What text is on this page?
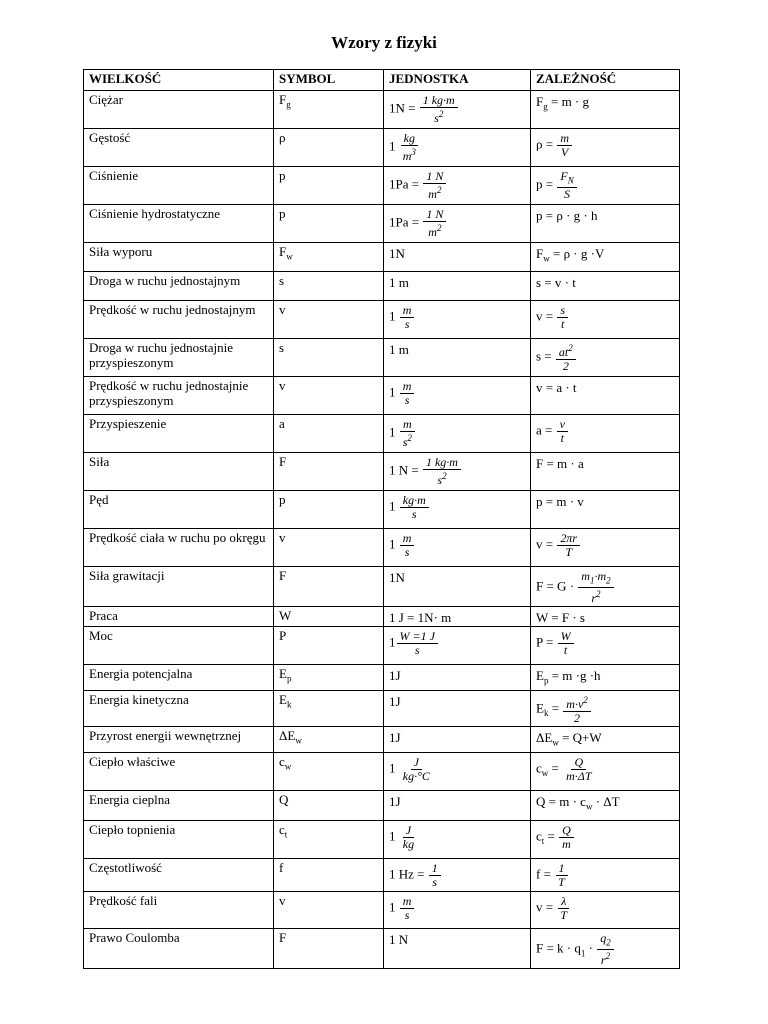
Wzory z fizyki
WIELKOŚĆ	SYMBOL	JEDNOSTKA	ZALEŻNOŚĆ
Ciężar	$F_g$	$1N = \frac{1 kg\cdot m}{s^2}$	$F_g = m \cdot g$

Gęstość	ρ	$1 \frac{kg}{m^3}$	$\rho = \frac{m}{V}$

Ciśnienie	p	$1Pa = \frac{1 N}{m^2}$	$p = \frac{F_N}{S}$

Ciśnienie hydrostatyczne	p	$1Pa = \frac{1 N}{m^2}$	p = ρ · g · h

Siła wyporu	$F_w$	1N	$F_w = \rho \cdot g \cdot V$

Droga w ruchu jednostajnym	s	1 m	s = v · t

Prędkość w ruchu jednostajnym	v	$1 \frac{m}{s}$	$v = \frac{s}{t}$

Droga w ruchu jednostajnie przyspieszonym	s	1 m	$s = \frac{at^2}{2}$

Prędkość w ruchu jednostajnie przyspieszonym	v	$1 \frac{m}{s}$	v = a · t

Przyspieszenie	a	$1 \frac{m}{s^2}$	$a = \frac{v}{t}$

Siła	F	1 $N = \frac{1 kg\cdot m}{s^2}$	F = m · a

Pęd	p	$1 \frac{kg\cdot m}{s}$	p = m · v

Prędkość ciała w ruchu po okręgu	v	$1 \frac{m}{s}$	$v = \frac{2\pi r}{T}$

Siła grawitacji	F	1N	$F = G \cdot \frac{m_1\cdot m_2}{r^2}$

Praca	W	1 J = 1N· m	W = F · s

Moc	P	$1 \frac{W =1 J}{s}$	$P = \frac{W}{t}$

Energia potencjalna	$E_p$	1J	$E_p = m \cdot g \cdot h$

Energia kinetyczna	$E_k$	1J	$E_k = \frac{m\cdot v^2}{2}$

Przyrost energii wewnętrznej	$\Delta E_w$	1J	$\Delta E_w = Q+W$

Ciepło właściwe	$c_w$	$1 \frac{J}{kg\cdot^\circ C}$	$c_w = \frac{Q}{m\cdot\Delta T}$

Energia cieplna	Q	1J	$Q = m \cdot c_w \cdot \Delta T$

Ciepło topnienia	$c_t$	$1 \frac{J}{kg}$	$c_t = \frac{Q}{m}$

Częstotliwość	f	1 $Hz = \frac{1}{s}$	$f = \frac{1}{T}$

Prędkość fali	v	$1 \frac{m}{s}$	$v = \frac{\lambda}{T}$

Prawo Coulomba	F	1 N	$F = k \cdot q_1 \cdot \frac{q_2}{r^2}$
